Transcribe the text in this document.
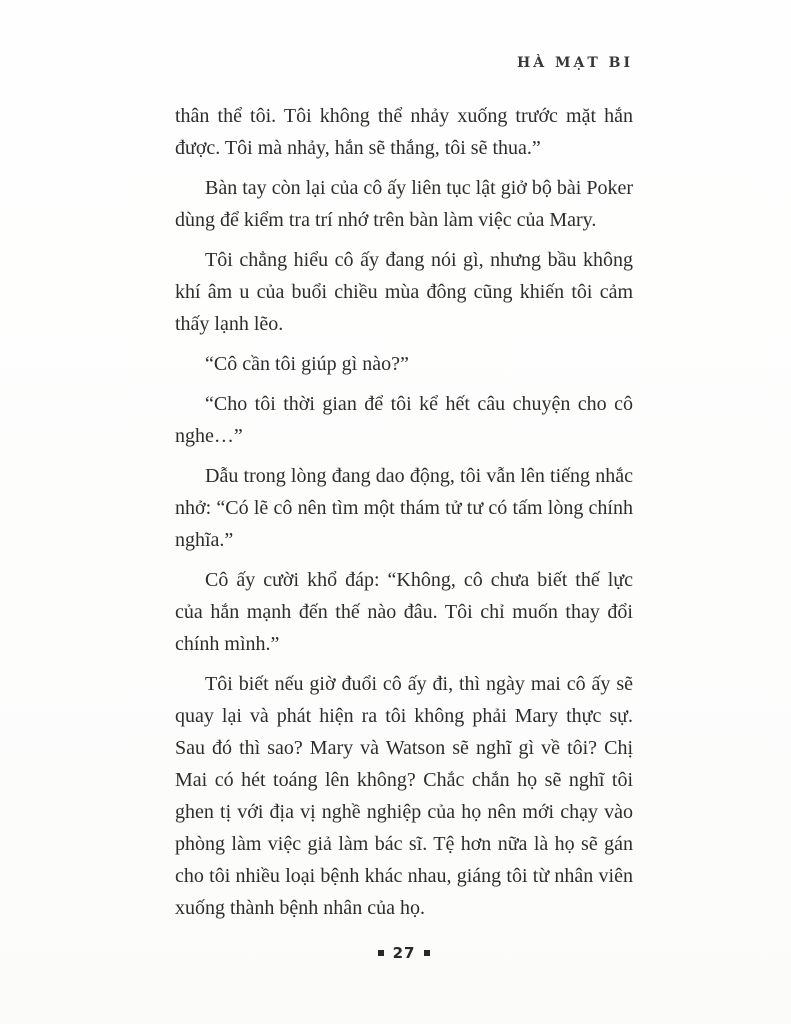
HÀ MẠT BI

thân thể tôi. Tôi không thể nhảy xuống trước mặt hắn được. Tôi mà nhảy, hắn sẽ thắng, tôi sẽ thua.”

Bàn tay còn lại của cô ấy liên tục lật giở bộ bài Poker dùng để kiểm tra trí nhớ trên bàn làm việc của Mary.

Tôi chẳng hiểu cô ấy đang nói gì, nhưng bầu không khí âm u của buổi chiều mùa đông cũng khiến tôi cảm thấy lạnh lẽo.

“Cô cần tôi giúp gì nào?”

“Cho tôi thời gian để tôi kể hết câu chuyện cho cô nghe…”

Dẫu trong lòng đang dao động, tôi vẫn lên tiếng nhắc nhở: “Có lẽ cô nên tìm một thám tử tư có tấm lòng chính nghĩa.”

Cô ấy cười khổ đáp: “Không, cô chưa biết thế lực của hắn mạnh đến thế nào đâu. Tôi chỉ muốn thay đổi chính mình.”

Tôi biết nếu giờ đuổi cô ấy đi, thì ngày mai cô ấy sẽ quay lại và phát hiện ra tôi không phải Mary thực sự. Sau đó thì sao? Mary và Watson sẽ nghĩ gì về tôi? Chị Mai có hét toáng lên không? Chắc chắn họ sẽ nghĩ tôi ghen tị với địa vị nghề nghiệp của họ nên mới chạy vào phòng làm việc giả làm bác sĩ. Tệ hơn nữa là họ sẽ gán cho tôi nhiều loại bệnh khác nhau, giáng tôi từ nhân viên xuống thành bệnh nhân của họ.

27
